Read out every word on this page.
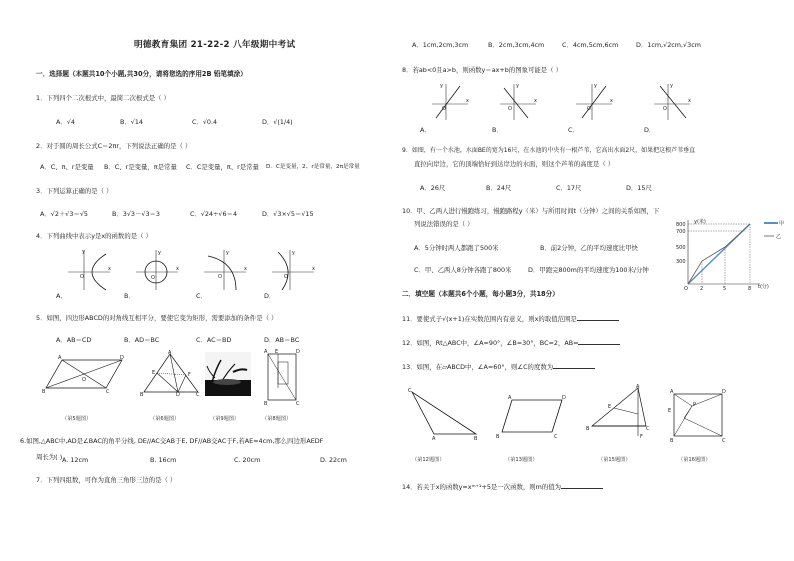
明德教育集团 21-22-2 八年级期中考试
一．选择题（本题共10个小题,共30分，请将您选的序用2B 铅笔填涂）
1．下列四个二次根式中，最简二次根式是（ ）
A．√4	B．√14	C．√0.4	D．√(1/4)
2．对于圆的周长公式C＝2πr，下列说法正确的是（ ）
A．C、π、r是变量 B．C、r是变量，π是常量 C．C是变量，π、r是常量 D．C是变量，2、r是常量，2π是常量
3．下列运算正确的是（ ）
A．√2＋√3＝√5	B．3√3－√3＝3	C．√24÷√6＝4	D．√3×√5＝√15
4．下列曲线中表示y是x的函数的是（ ）
O
y
x
A．
O
y
x
B．
O
y
x
C．
O
y
x
D．
5．如图，四边形ABCD的对角线互相平分，要使它变为矩形，需要添加的条件是（ ）
A．AB＝CD	B．AD＝BC	C．AC＝BD	D．AB＝BC
B
A	D
C
O
（第5题图）
A
E	F
B	D	C
（第6题图）	（第9题图）
A	D
B	C
E
（第8题图）
6.如图,△ABC中,AD是∠BAC的角平分线, DE//AC交AB于E, DF//AB交AC于F,若AE=4cm,那么四边形AEDF
周长为( ) A. 12cm	B. 16cm	C. 20cm	D. 22cm
7．下列四组数，可作为直角三角形三边的是（ ）
A．1cm,2cm,3cm	B．2cm,3cm,4cm	C．4cm,5cm,6cm	D．1cm,√2cm,√3cm
8．若ab<0且a>b，则函数y＝ax+b的图象可能是（ ）
O
y
x
A．
O
y
x
B．
O
y
x
C．
O
y
x
D．
9．如图，有一个水池，水面BE的宽为16尺，在水池的中央有一根芦苇，它高出水面2尺，如果把这根芦苇垂直
直拉向岸边，它的顶端恰好到达岸边的水面，则这个芦苇的高度是（ ）
A．26尺	B．24尺	C．17尺	D．15尺
10．甲、乙两人进行慢跑练习，慢跑路程y（米）与所用时间t（分钟）之间的关系如图，下
列说法错误的是（ ）
A．5分钟时两人都跑了500米	B．前2分钟，乙的平均速度比甲快
C．甲、乙两人8分钟各跑了800米	D．甲跑完800m的平均速度为100米/分钟
y(米)
800
700
500
300
O 2	5	8 t(分)
甲
乙
二．填空题（本题共6个小题，每小题3分，共18分）
11．要使式子√(x+1)在实数范围内有意义，则x的取值范围是
12．如图，Rt△ABC中，∠A=90°，∠B=30°，BC=2，AB=
13．如图，在▱ABCD中，∠A=60°，则∠C的度数为
C
A	B
（第12题图）
A	D
B	C
（第13题图）
A
E
B	C
F
（第15题图）
A	D
B	C
E
P
（第16题图）
14．若关于x的函数y=xᵐ⁺¹+5是一次函数，则m的值为
